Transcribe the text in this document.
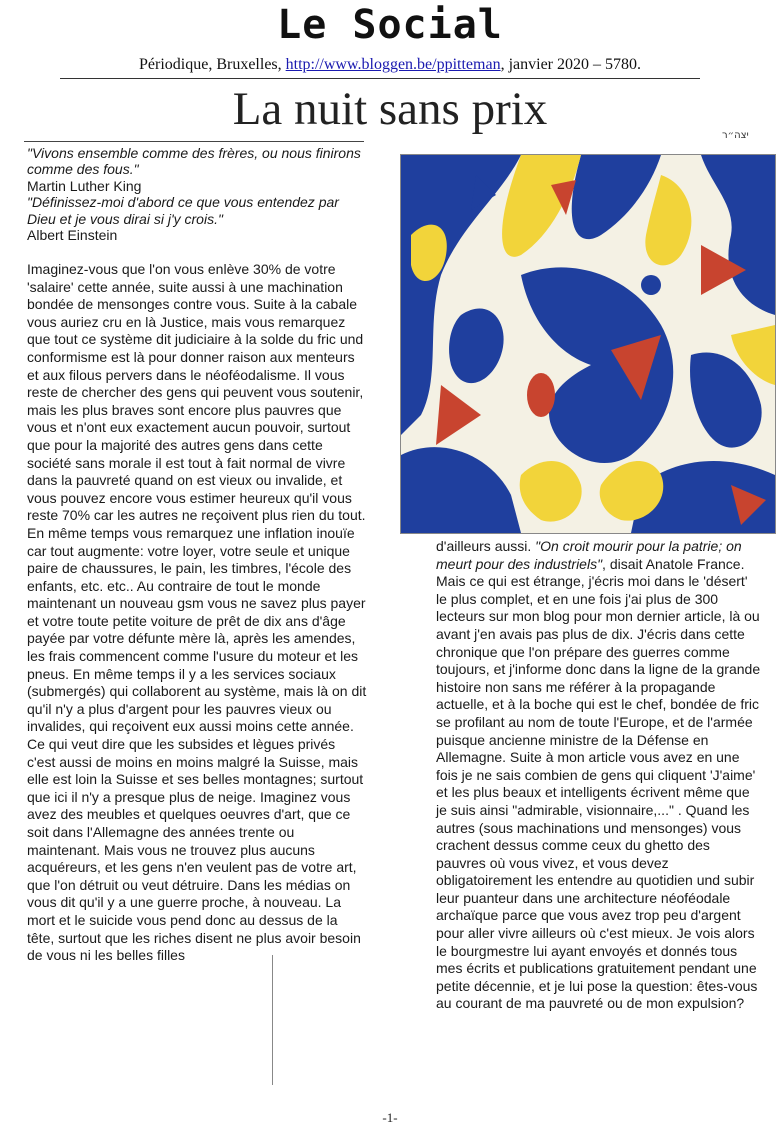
Le Social
Périodique, Bruxelles, http://www.bloggen.be/ppitteman, janvier 2020 – 5780.
La nuit sans prix
יצה״ר
"Vivons ensemble comme des frères, ou nous finirons comme des fous."
Martin Luther King
"Définissez-moi d'abord ce que vous entendez par Dieu et je vous dirai si j'y crois."
Albert Einstein

Imaginez-vous que l'on vous enlève 30% de votre 'salaire' cette année, suite aussi à une machination bondée de mensonges contre vous. Suite à la cabale vous auriez cru en là Justice, mais vous remarquez que tout ce système dit judiciaire à la solde du fric und conformisme est là pour donner raison aux menteurs et aux filous pervers dans le néoféodalisme. Il vous reste de chercher des gens qui peuvent vous soutenir, mais les plus braves sont encore plus pauvres que vous et n'ont eux exactement aucun pouvoir, surtout que pour la majorité des autres gens dans cette société sans morale il est tout à fait normal de vivre dans la pauvreté quand on est vieux ou invalide, et vous pouvez encore vous estimer heureux qu'il vous reste 70% car les autres ne reçoivent plus rien du tout. En même temps vous remarquez une inflation inouïe car tout augmente: votre loyer, votre seule et unique paire de chaussures, le pain, les timbres, l'école des enfants, etc. etc.. Au contraire de tout le monde maintenant un nouveau gsm vous ne savez plus payer et votre toute petite voiture de prêt de dix ans d'âge payée par votre défunte mère là, après les amendes, les frais commencent comme l'usure du moteur et les pneus. En même temps il y a les services sociaux (submergés) qui collaborent au système, mais là on dit qu'il n'y a plus d'argent pour les pauvres vieux ou invalides, qui reçoivent eux aussi moins cette année. Ce qui veut dire que les subsides et lègues privés c'est aussi de moins en moins malgré la Suisse, mais elle est loin la Suisse et ses belles montagnes; surtout que ici il n'y a presque plus de neige. Imaginez vous avez des meubles et quelques oeuvres d'art, que ce soit dans l'Allemagne des années trente ou maintenant. Mais vous ne trouvez plus aucuns acquéreurs, et les gens n'en veulent pas de votre art, que l'on détruit ou veut détruire. Dans les médias on vous dit qu'il y a une guerre proche, à nouveau. La mort et le suicide vous pend donc au dessus de la tête, surtout que les riches disent ne plus avoir besoin de vous ni les belles filles

d'ailleurs aussi. "On croit mourir pour la patrie; on meurt pour des industriels", disait Anatole France. Mais ce qui est étrange, j'écris moi dans le 'désert' le plus complet, et en une fois j'ai plus de 300 lecteurs sur mon blog pour mon dernier article, là ou avant j'en avais pas plus de dix. J'écris dans cette chronique que l'on prépare des guerres comme toujours, et j'informe donc dans la ligne de la grande histoire non sans me référer à la propagande actuelle, et à la boche qui est le chef, bondée de fric se profilant au nom de toute l'Europe, et de l'armée puisque ancienne ministre de la Défense en Allemagne. Suite à mon article vous avez en une fois je ne sais combien de gens qui cliquent 'J'aime' et les plus beaux et intelligents écrivent même que je suis ainsi "admirable, visionnaire,..." . Quand les autres (sous machinations und mensonges) vous crachent dessus comme ceux du ghetto des pauvres où vous vivez, et vous devez obligatoirement les entendre au quotidien und subir leur puanteur dans une architecture néoféodale archaïque parce que vous avez trop peu d'argent pour aller vivre ailleurs où c'est mieux. Je vois alors le bourgmestre lui ayant envoyés et donnés tous mes écrits et publications gratuitement pendant une petite décennie, et je lui pose la question: êtes-vous au courant de ma pauvreté ou de mon expulsion?

-1-
